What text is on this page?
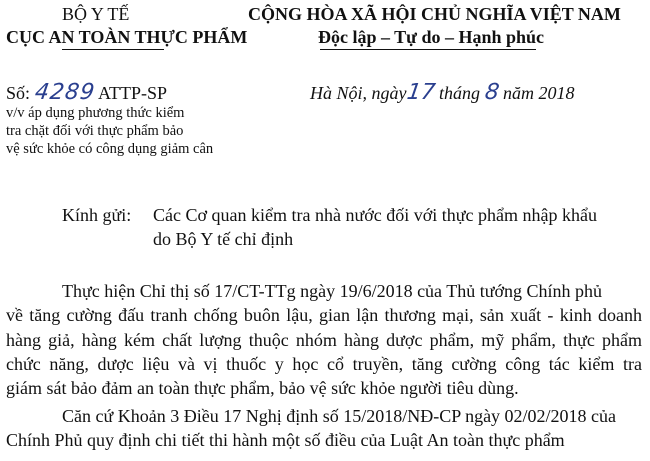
BỘ Y TẾ
CỤC AN TOÀN THỰC PHẨM
CỘNG HÒA XÃ HỘI CHỦ NGHĨA VIỆT NAM
Độc lập – Tự do – Hạnh phúc
Số: 4289 ATTP-SP
v/v áp dụng phương thức kiểm
tra chặt đối với thực phẩm bảo
vệ sức khỏe có công dụng giảm cân
Hà Nội, ngày17 tháng 8 năm 2018
Kính gửi: Các Cơ quan kiểm tra nhà nước đối với thực phẩm nhập khẩu
do Bộ Y tế chỉ định
Thực hiện Chỉ thị số 17/CT-TTg ngày 19/6/2018 của Thủ tướng Chính phủ
về tăng cường đấu tranh chống buôn lậu, gian lận thương mại, sản xuất - kinh doanh
hàng giả, hàng kém chất lượng thuộc nhóm hàng dược phẩm, mỹ phẩm, thực phẩm
chức năng, dược liệu và vị thuốc y học cổ truyền, tăng cường công tác kiểm tra
giám sát bảo đảm an toàn thực phẩm, bảo vệ sức khỏe người tiêu dùng.
Căn cứ Khoản 3 Điều 17 Nghị định số 15/2018/NĐ-CP ngày 02/02/2018 của
Chính Phủ quy định chi tiết thi hành một số điều của Luật An toàn thực phẩm
